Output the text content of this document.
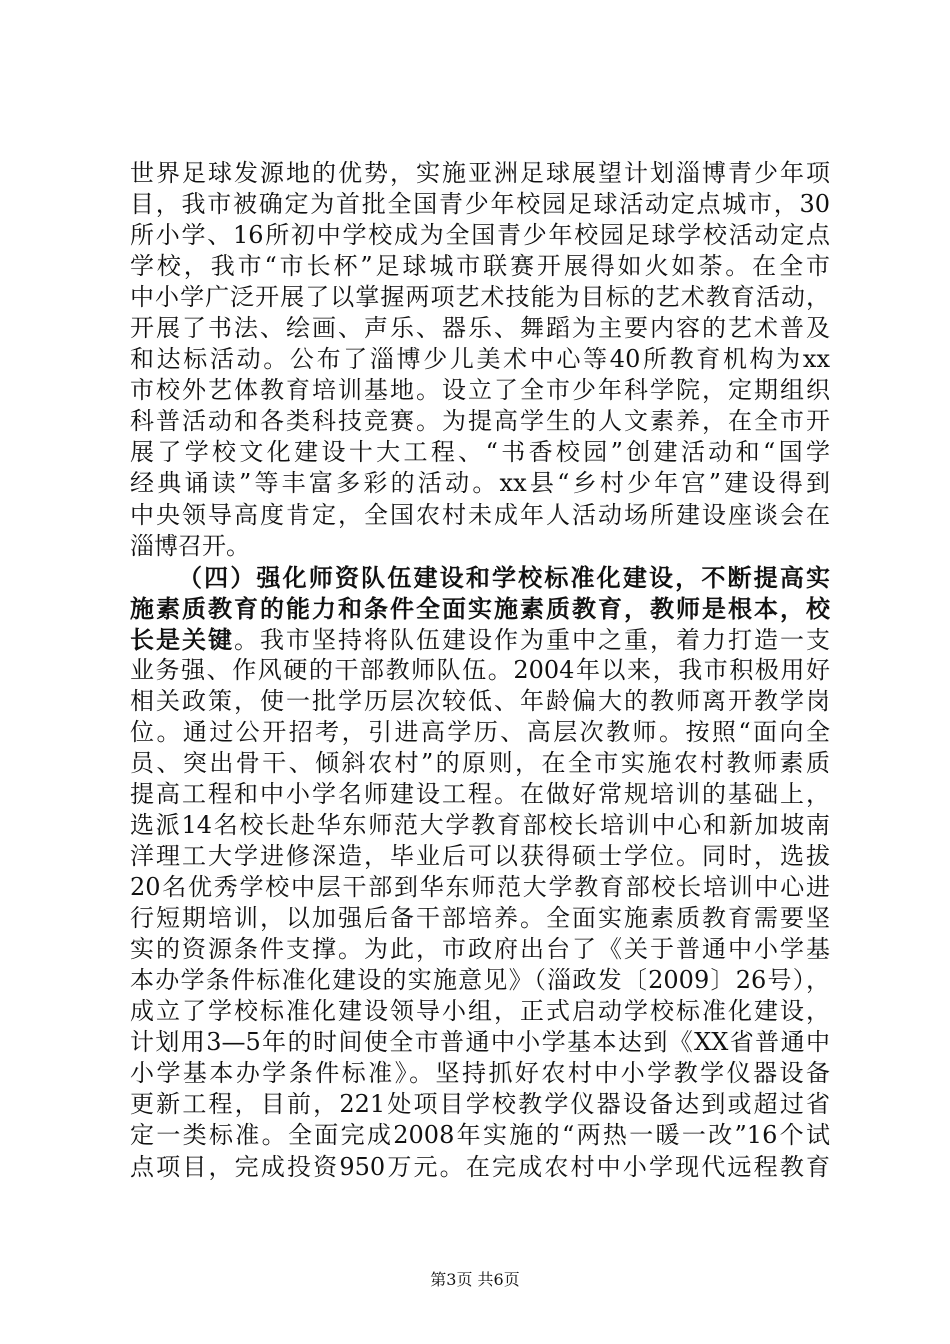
世界足球发源地的优势，实施亚洲足球展望计划淄博青少年项
目，我市被确定为首批全国青少年校园足球活动定点城市，30
所小学、16所初中学校成为全国青少年校园足球学校活动定点
学校，我市“市长杯”足球城市联赛开展得如火如荼。在全市
中小学广泛开展了以掌握两项艺术技能为目标的艺术教育活动，
开展了书法、绘画、声乐、器乐、舞蹈为主要内容的艺术普及
和达标活动。公布了淄博少儿美术中心等40所教育机构为xx
市校外艺体教育培训基地。设立了全市少年科学院，定期组织
科普活动和各类科技竞赛。为提高学生的人文素养，在全市开
展了学校文化建设十大工程、“书香校园”创建活动和“国学
经典诵读”等丰富多彩的活动。xx县“乡村少年宫”建设得到
中央领导高度肯定，全国农村未成年人活动场所建设座谈会在
淄博召开。
（四）强化师资队伍建设和学校标准化建设，不断提高实
施素质教育的能力和条件全面实施素质教育，教师是根本，校
长是关键。我市坚持将队伍建设作为重中之重，着力打造一支
业务强、作风硬的干部教师队伍。2004年以来，我市积极用好
相关政策，使一批学历层次较低、年龄偏大的教师离开教学岗
位。通过公开招考，引进高学历、高层次教师。按照“面向全
员、突出骨干、倾斜农村”的原则，在全市实施农村教师素质
提高工程和中小学名师建设工程。在做好常规培训的基础上，
选派14名校长赴华东师范大学教育部校长培训中心和新加坡南
洋理工大学进修深造，毕业后可以获得硕士学位。同时，选拔
20名优秀学校中层干部到华东师范大学教育部校长培训中心进
行短期培训，以加强后备干部培养。全面实施素质教育需要坚
实的资源条件支撑。为此，市政府出台了《关于普通中小学基
本办学条件标准化建设的实施意见》（淄政发〔2009〕26号），
成立了学校标准化建设领导小组，正式启动学校标准化建设，
计划用3—5年的时间使全市普通中小学基本达到《XX省普通中
小学基本办学条件标准》。坚持抓好农村中小学教学仪器设备
更新工程，目前，221处项目学校教学仪器设备达到或超过省
定一类标准。全面完成2008年实施的“两热一暖一改”16个试
点项目，完成投资950万元。在完成农村中小学现代远程教育
第3页 共6页
